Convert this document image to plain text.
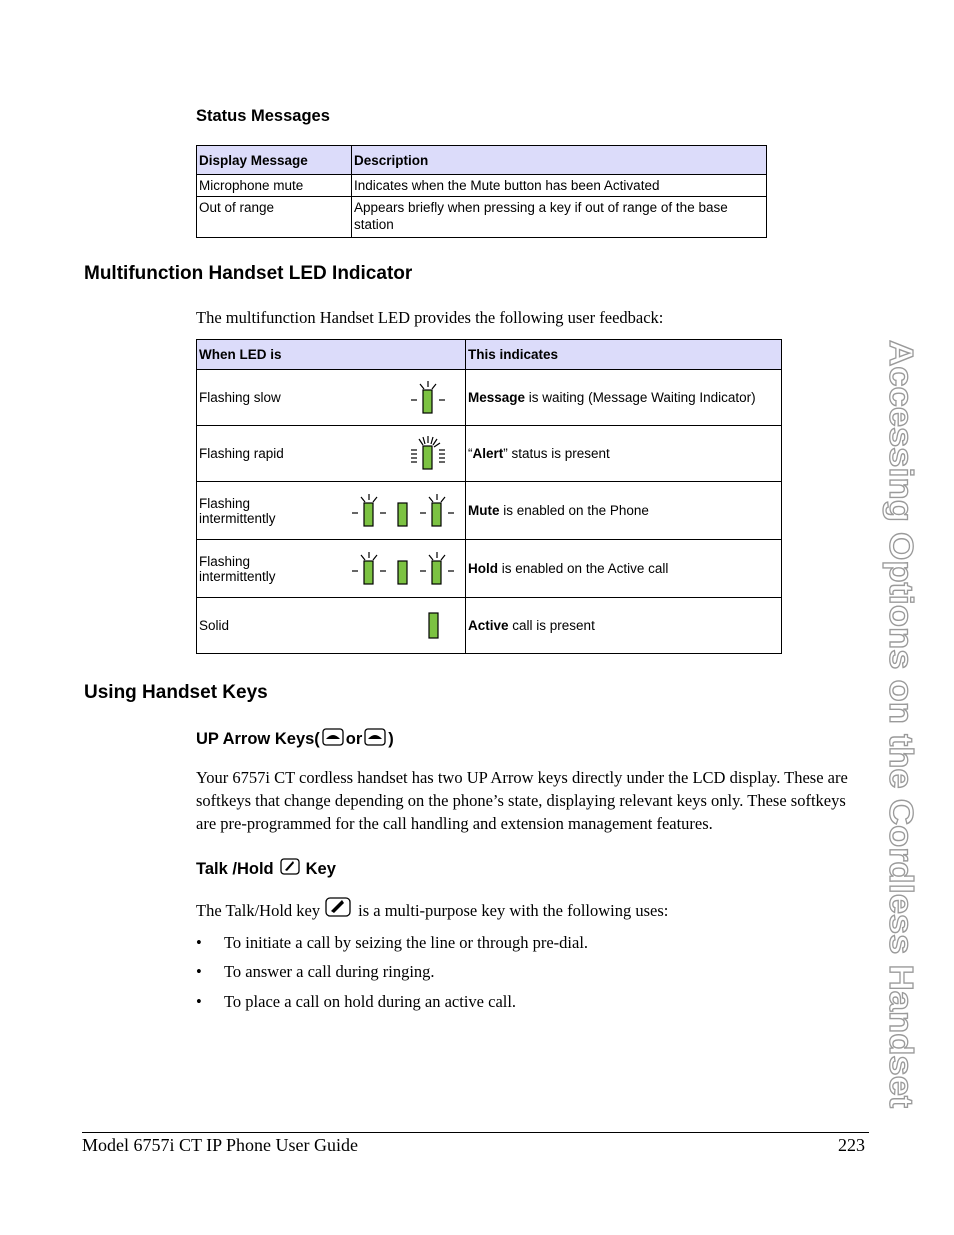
Status Messages
Display Message	Description
Microphone mute	Indicates when the Mute button has been Activated
Out of range	Appears briefly when pressing a key if out of range of the base station
Multifunction Handset LED Indicator
The multifunction Handset LED provides the following user feedback:
When LED is	This indicates

Flashing slow	Message is waiting (Message Waiting Indicator)

Flashing rapid	“Alert” status is present

Flashing intermittently	Mute is enabled on the Phone

Flashing intermittently	Hold is enabled on the Active call

Solid	Active call is present
Using Handset Keys
UP Arrow Keys( or )
Your 6757i CT cordless handset has two UP Arrow keys directly under the LCD display. These are softkeys that change depending on the phone’s state, displaying relevant keys only. These softkeys are pre-programmed for the call handling and extension management features.
Talk /Hold Key
The Talk/Hold key is a multi-purpose key with the following uses:
•	To initiate a call by seizing the line or through pre-dial.
•	To answer a call during ringing.
•	To place a call on hold during an active call.	Accessing Options on the Cordless Handset
Model 6757i CT IP Phone User Guide	223
